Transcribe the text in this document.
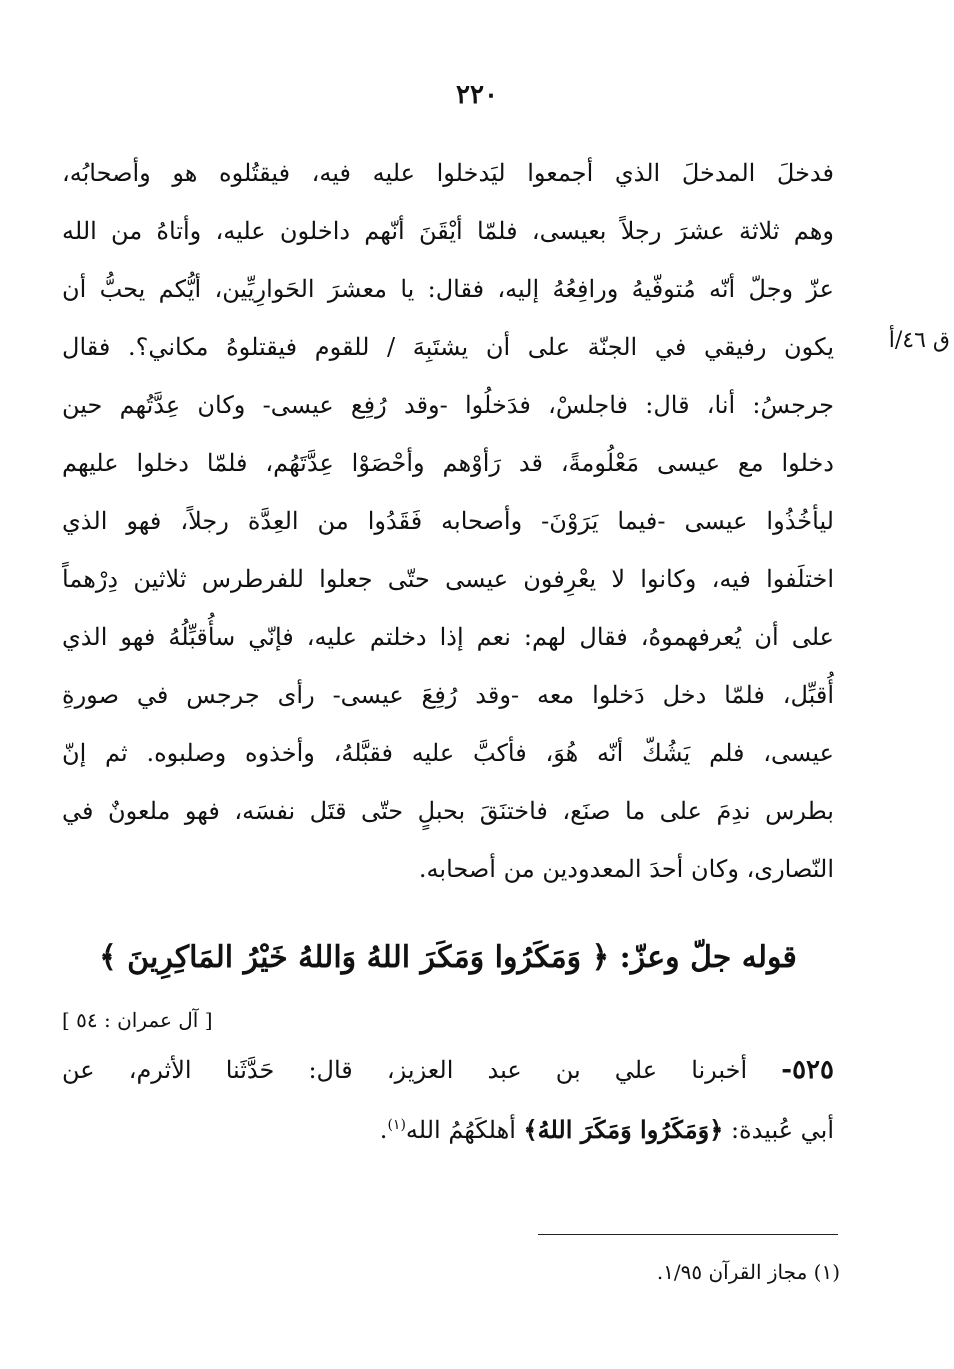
٢٢٠
ق ٤٦/أ
فدخلَ المدخلَ الذي أجمعوا ليَدخلوا عليه فيه، فيقتُلوه هو وأصحابُه،
وهم ثلاثة عشرَ رجلاً بعيسى، فلمّا أيْقَنَ أنّهم داخلون عليه، وأتاهُ من الله
عزّ وجلّ أنّه مُتوفّيهُ ورافِعُهُ إليه، فقال: يا معشرَ الحَوارِيِّين، أيُّكم يحبُّ أن
يكون رفيقي في الجنّة على أن يشتَبِهَ / للقوم فيقتلوهُ مكاني؟. فقال
جرجسُ: أنا، قال: فاجلسْ، فدَخلُوا -وقد رُفِع عيسى- وكان عِدَّتُهم حين
دخلوا مع عيسى مَعْلُومةً، قد رَأوْهم وأحْصَوْا عِدَّتَهُم، فلمّا دخلوا عليهم
ليأخُذُوا عيسى -فيما يَرَوْنَ- وأصحابه فَقَدُوا من العِدَّة رجلاً، فهو الذي
اختلَفوا فيه، وكانوا لا يعْرِفون عيسى حتّى جعلوا للفرطرس ثلاثين دِرْهماً
على أن يُعرفهموهُ، فقال لهم: نعم إذا دخلتم عليه، فإنّي سأُقبِّلُهُ فهو الذي
أُقبِّل، فلمّا دخل دَخلوا معه -وقد رُفِعَ عيسى- رأى جرجس في صورةِ
عيسى، فلم يَشُكّ أنّه هُوَ، فأكبَّ عليه فقبَّلهُ، وأخذوه وصلبوه. ثم إنّ
بطرس ندِمَ على ما صنَع، فاختنَقَ بحبلٍ حتّى قتَل نفسَه، فهو ملعونٌ في
النّصارى، وكان أحدَ المعدودين من أصحابه.
قوله جلّ وعزّ: ﴿ وَمَكَرُوا وَمَكَرَ اللهُ وَاللهُ خَيْرُ المَاكِرِينَ ﴾
[ آل عمران : ٥٤ ]
٥٢٥- أخبرنا علي بن عبد العزيز، قال: حَدَّثَنا الأثرم، عن
أبي عُبيدة: ﴿وَمَكَرُوا وَمَكَرَ اللهُ﴾ أهلكَهُمُ الله$^{(١)}$.
(١) مجاز القرآن ١/٩٥.
